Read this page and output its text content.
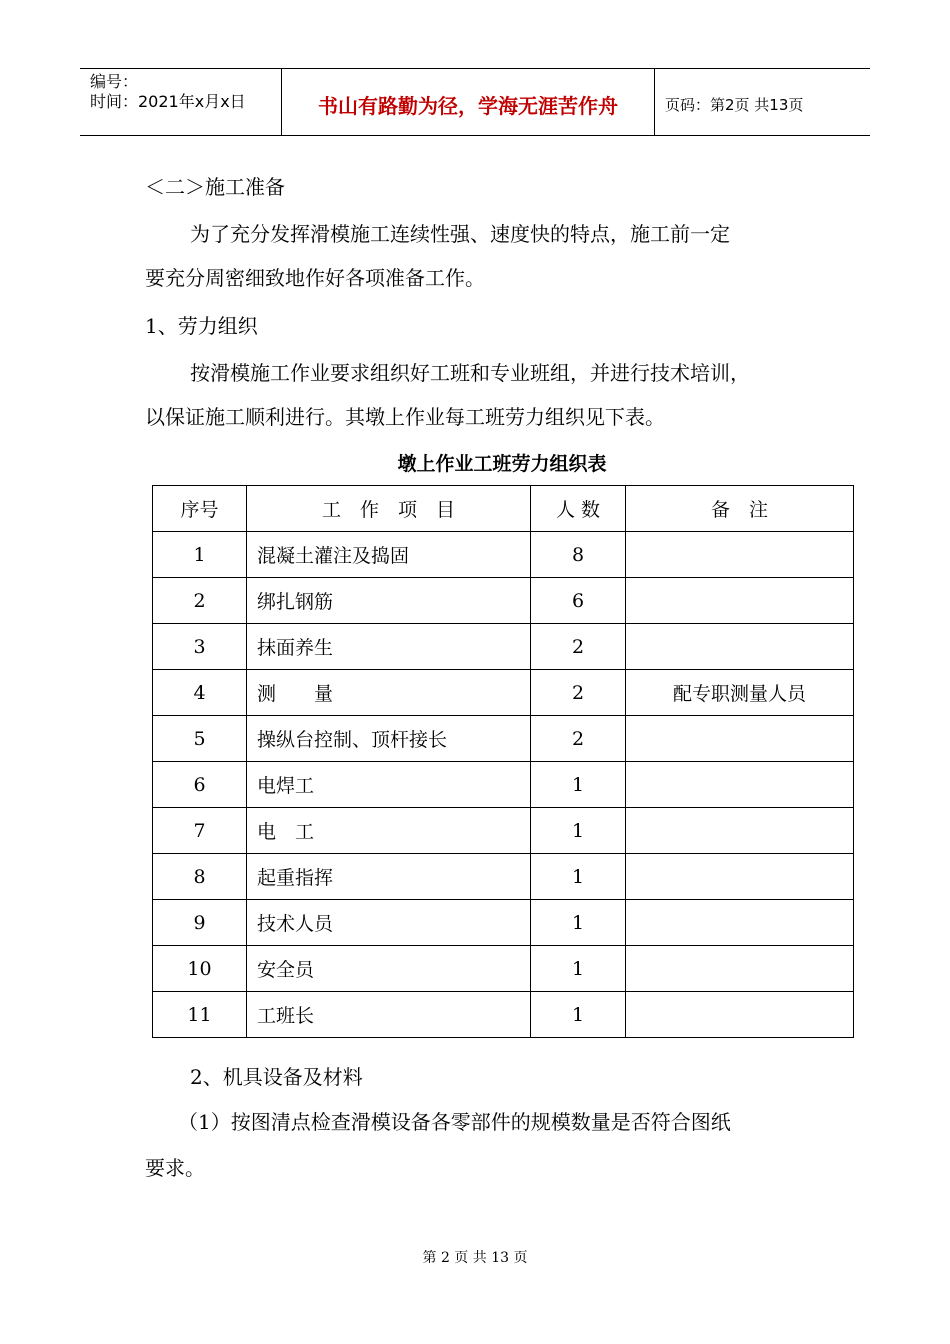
编号：
时间：2021年x月x日	书山有路勤为径，学海无涯苦作舟	页码：第2页 共13页
＜二＞施工准备
为了充分发挥滑模施工连续性强、速度快的特点，施工前一定
要充分周密细致地作好各项准备工作。
1、劳力组织
按滑模施工作业要求组织好工班和专业班组，并进行技术培训，
以保证施工顺利进行。其墩上作业每工班劳力组织见下表。
墩上作业工班劳力组织表
序号	工　作　项　目	人 数	备　注
1	混凝土灌注及捣固	8	
2	绑扎钢筋	6	
3	抹面养生	2	
4	测　　量	2	配专职测量人员
5	操纵台控制、顶杆接长	2	
6	电焊工	1	
7	电　工	1	
8	起重指挥	1	
9	技术人员	1	
10	安全员	1	
11	工班长	1	
2、机具设备及材料
（1）按图清点检查滑模设备各零部件的规模数量是否符合图纸
要求。
第 2 页 共 13 页
